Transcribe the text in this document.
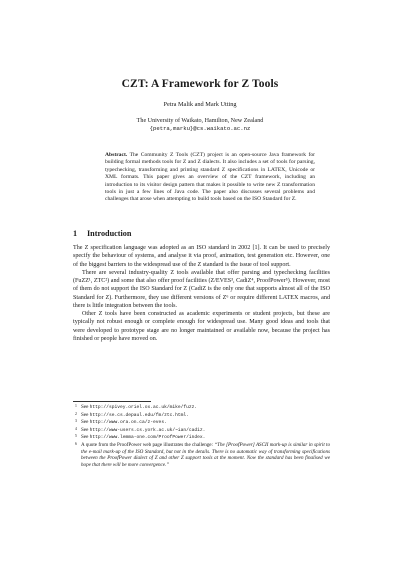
CZT: A Framework for Z Tools
Petra Malik and Mark Utting
The University of Waikato, Hamilton, New Zealand
{petra,marku}@cs.waikato.ac.nz
Abstract. The Community Z Tools (CZT) project is an open-source Java framework for building formal methods tools for Z and Z dialects. It also includes a set of tools for parsing, typechecking, transforming and printing standard Z specifications in LATEX, Unicode or XML formats. This paper gives an overview of the CZT framework, including an introduction to its visitor design pattern that makes it possible to write new Z transformation tools in just a few lines of Java code. The paper also discusses several problems and challenges that arose when attempting to build tools based on the ISO Standard for Z.
1 Introduction

The Z specification language was adopted as an ISO standard in 2002 [1]. It can be used to precisely specify the behaviour of systems, and analyse it via proof, animation, test generation etc. However, one of the biggest barriers to the widespread use of the Z standard is the issue of tool support.

There are several industry-quality Z tools available that offer parsing and typechecking facilities (FuZZ¹, ZTC²) and some that also offer proof facilities (Z/EVES³, CadiZ⁴, ProofPower⁵). However, most of them do not support the ISO Standard for Z (CadiZ is the only one that supports almost all of the ISO Standard for Z). Furthermore, they use different versions of Z⁶ or require different LATEX macros, and there is little integration between the tools.

Other Z tools have been constructed as academic experiments or student projects, but these are typically not robust enough or complete enough for widespread use. Many good ideas and tools that were developed to prototype stage are no longer maintained or available now, because the project has finished or people have moved on.

1 See http://spivey.oriel.ox.ac.uk/mike/fuzz.
2 See http://se.cs.depaul.edu/fm/ztc.html.
3 See http://www.ora.on.ca/z-eves.
4 See http://www-users.cs.york.ac.uk/~ian/cadiz.
5 See http://www.lemma-one.com/ProofPower/index.
6 A quote from the ProofPower web page illustrates the challenge: “The [ProofPower] ASCII mark-up is similar in spirit to the e-mail mark-up of the ISO Standard, but not in the details. There is no automatic way of transforming specifications between the ProofPower dialect of Z and other Z support tools at the moment. Now the standard has been finalised we hope that there will be more convergence.”
